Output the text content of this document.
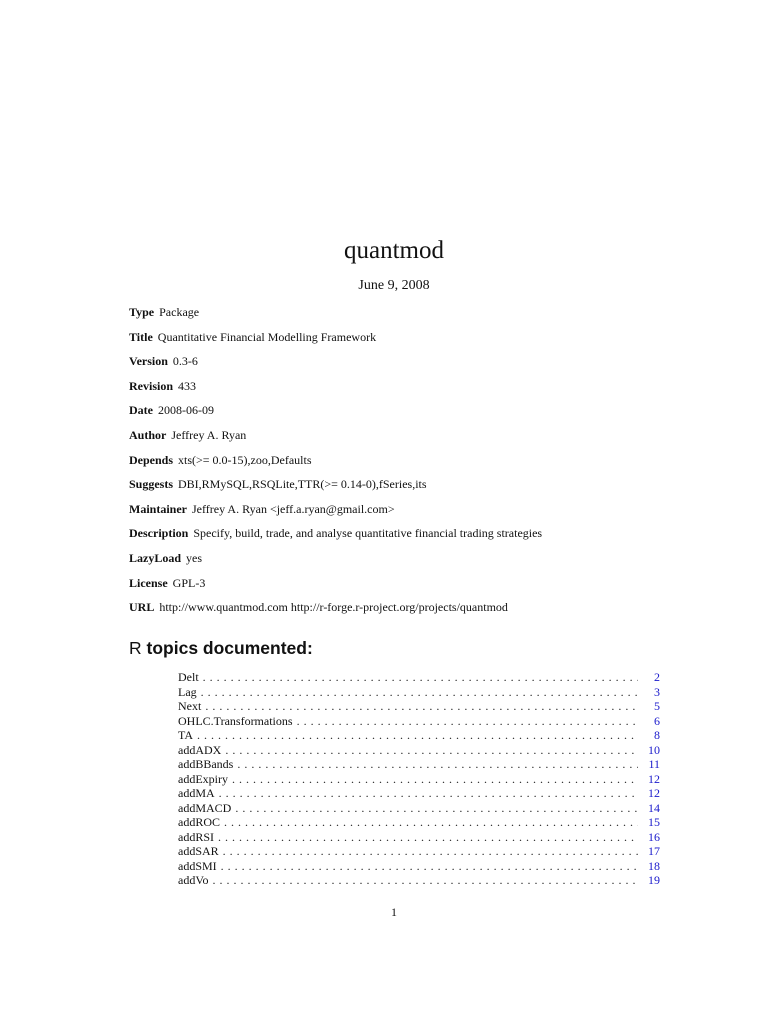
quantmod
June 9, 2008
Type Package
Title Quantitative Financial Modelling Framework
Version 0.3-6
Revision 433
Date 2008-06-09
Author Jeffrey A. Ryan
Depends xts(>= 0.0-15),zoo,Defaults
Suggests DBI,RMySQL,RSQLite,TTR(>= 0.14-0),fSeries,its
Maintainer Jeffrey A. Ryan <jeff.a.ryan@gmail.com>
Description Specify, build, trade, and analyse quantitative financial trading strategies
LazyLoad yes
License GPL-3
URL http://www.quantmod.com http://r-forge.r-project.org/projects/quantmod
R topics documented:
Delt . . .	2
Lag . . .	3
Next . . .	5
OHLC.Transformations . . .	6
TA . . .	8
addADX . . .	10
addBBands . . .	11
addExpiry . . .	12
addMA . . .	12
addMACD . . .	14
addROC . . .	15
addRSI . . .	16
addSAR . . .	17
addSMI . . .	18
addVo . . .	19
1
